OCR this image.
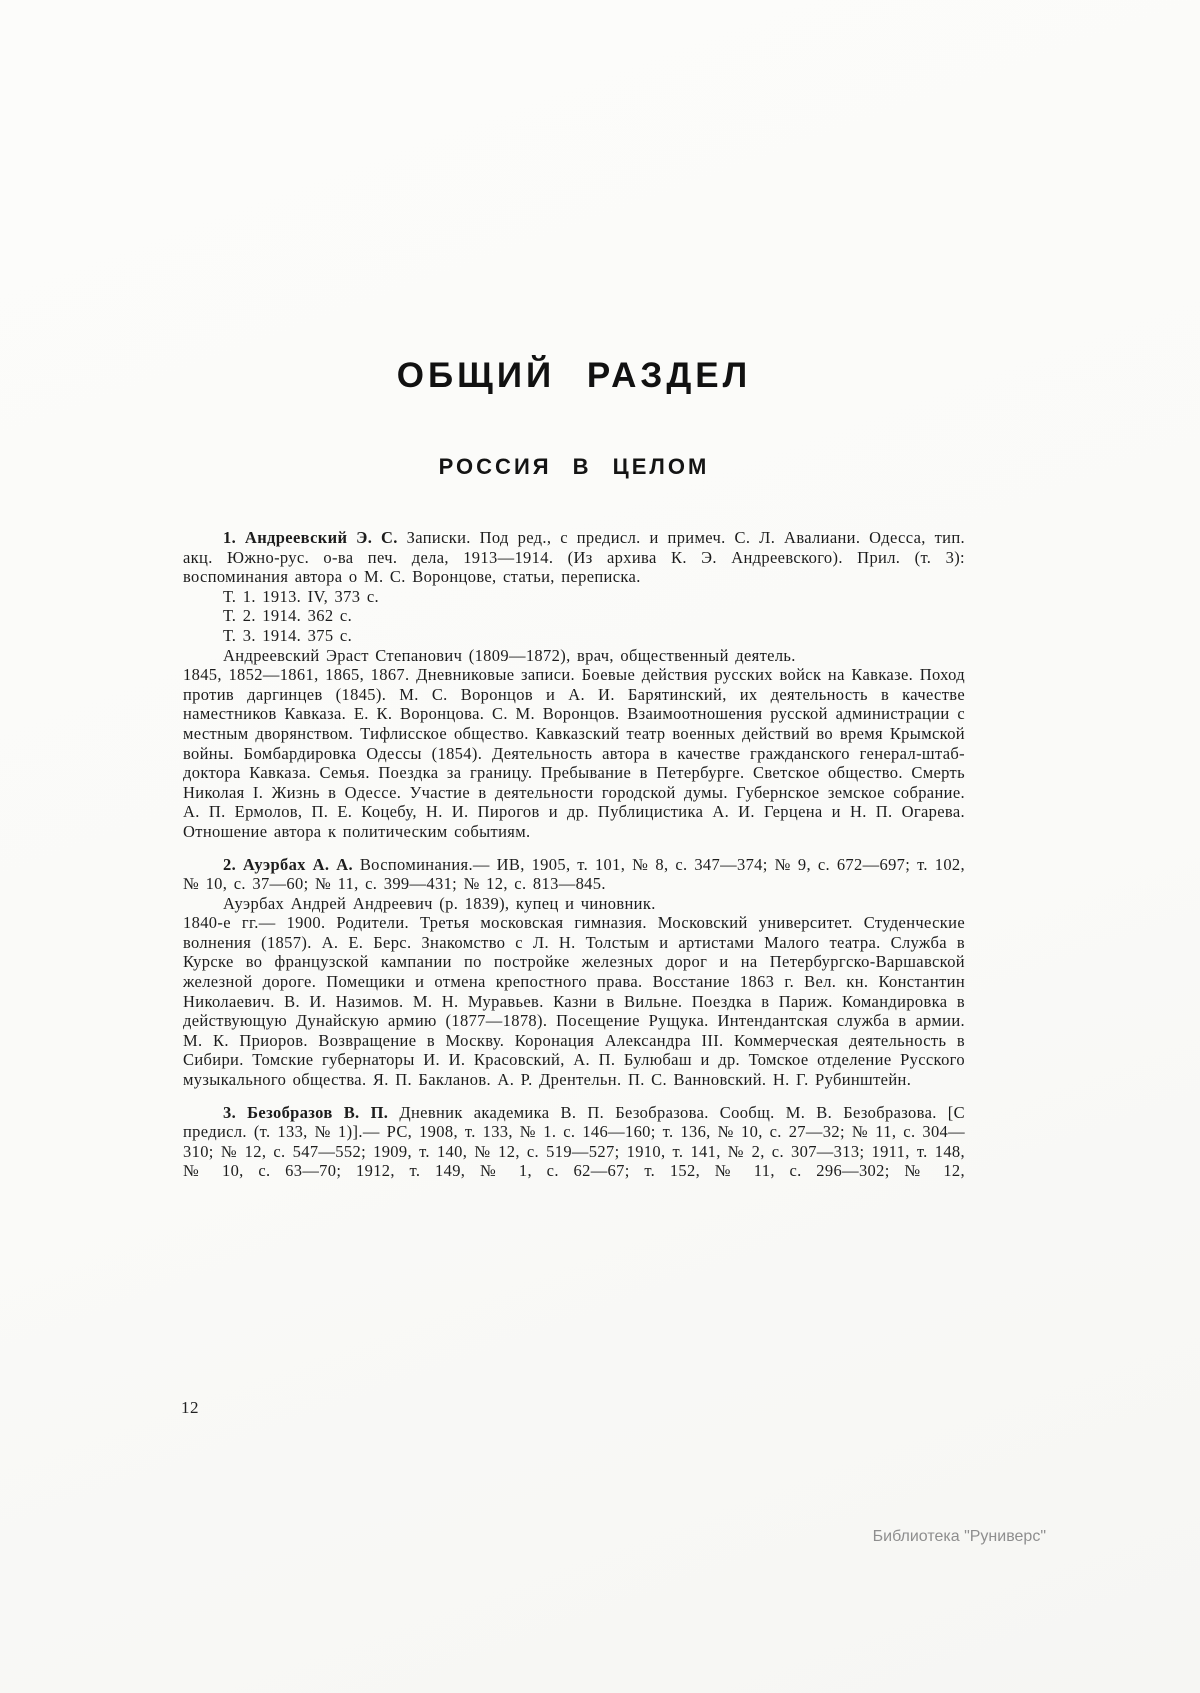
ОБЩИЙ РАЗДЕЛ
РОССИЯ В ЦЕЛОМ

1. Андреевский Э. С. Записки. Под ред., с предисл. и примеч. С. Л. Авалиани. Одесса, тип. акц. Южно-рус. о-ва печ. дела, 1913—1914. (Из архива К. Э. Андреевского). Прил. (т. 3): воспоминания автора о М. С. Воронцове, статьи, переписка.

Т. 1. 1913. IV, 373 с.

Т. 2. 1914. 362 с.

Т. 3. 1914. 375 с.

Андреевский Эраст Степанович (1809—1872), врач, общественный деятель.

1845, 1852—1861, 1865, 1867. Дневниковые записи. Боевые действия русских войск на Кавказе. Поход против даргинцев (1845). М. С. Воронцов и А. И. Барятинский, их деятельность в качестве наместников Кавказа. Е. К. Воронцова. С. М. Воронцов. Взаимоотношения русской администрации с местным дворянством. Тифлисское общество. Кавказский театр военных действий во время Крымской войны. Бомбардировка Одессы (1854). Деятельность автора в качестве гражданского генерал-штаб-доктора Кавказа. Семья. Поездка за границу. Пребывание в Петербурге. Светское общество. Смерть Николая I. Жизнь в Одессе. Участие в деятельности городской думы. Губернское земское собрание. А. П. Ермолов, П. Е. Коцебу, Н. И. Пирогов и др. Публицистика А. И. Герцена и Н. П. Огарева. Отношение автора к политическим событиям.

2. Ауэрбах А. А. Воспоминания.— ИВ, 1905, т. 101, № 8, с. 347—374; № 9, с. 672—697; т. 102, № 10, с. 37—60; № 11, с. 399—431; № 12, с. 813—845.

Ауэрбах Андрей Андреевич (р. 1839), купец и чиновник.

1840-е гг.— 1900. Родители. Третья московская гимназия. Московский университет. Студенческие волнения (1857). А. Е. Берс. Знакомство с Л. Н. Толстым и артистами Малого театра. Служба в Курске во французской кампании по постройке железных дорог и на Петербургско-Варшавской железной дороге. Помещики и отмена крепостного права. Восстание 1863 г. Вел. кн. Константин Николаевич. В. И. Назимов. М. Н. Муравьев. Казни в Вильне. Поездка в Париж. Командировка в действующую Дунайскую армию (1877—1878). Посещение Рущука. Интендантская служба в армии. М. К. Приоров. Возвращение в Москву. Коронация Александра III. Коммерческая деятельность в Сибири. Томские губернаторы И. И. Красовский, А. П. Булюбаш и др. Томское отделение Русского музыкального общества. Я. П. Бакланов. А. Р. Дрентельн. П. С. Ванновский. Н. Г. Рубинштейн.

3. Безобразов В. П. Дневник академика В. П. Безобразова. Сообщ. М. В. Безобразова. [С предисл. (т. 133, № 1)].— РС, 1908, т. 133, № 1. с. 146—160; т. 136, № 10, с. 27—32; № 11, с. 304—310; № 12, с. 547—552; 1909, т. 140, № 12, с. 519—527; 1910, т. 141, № 2, с. 307—313; 1911, т. 148, № 10, с. 63—70; 1912, т. 149, № 1, с. 62—67; т. 152, № 11, с. 296—302; № 12,

12
Библиотека "Руниверс"
